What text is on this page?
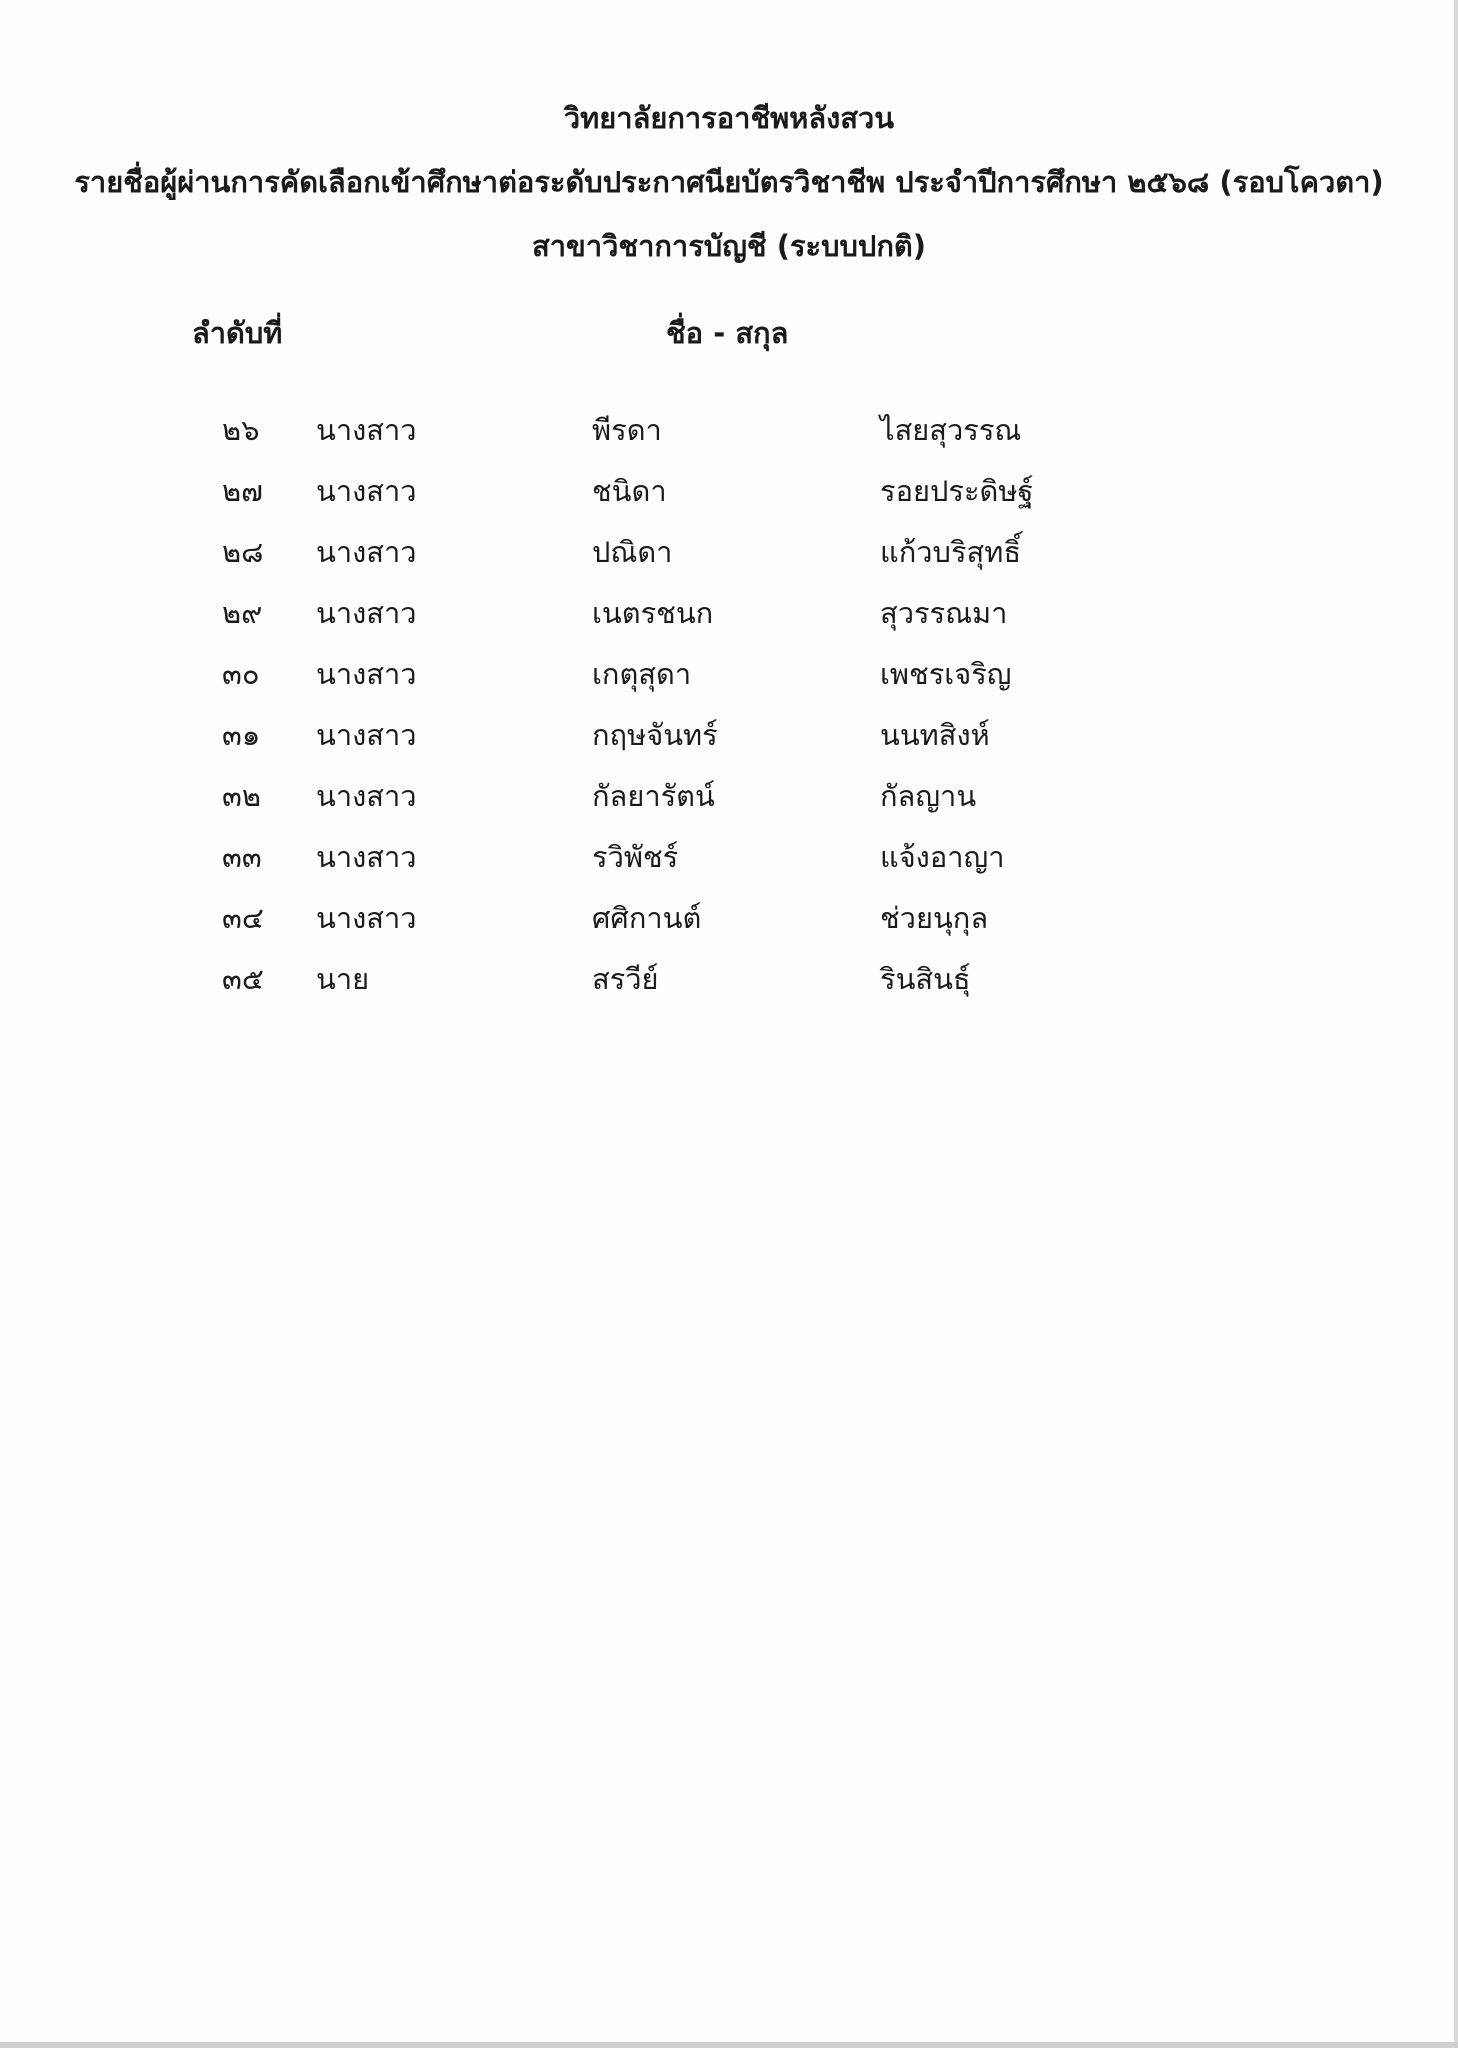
วิทยาลัยการอาชีพหลังสวน
รายชื่อผู้ผ่านการคัดเลือกเข้าศึกษาต่อระดับประกาศนียบัตรวิชาชีพ ประจำปีการศึกษา ๒๕๖๘ (รอบโควตา)
สาขาวิชาการบัญชี (ระบบปกติ)
ลำดับที่	ชื่อ - สกุล
๒๖ นางสาว	พีรดา	ไสยสุวรรณ
๒๗ นางสาว	ชนิดา	รอยประดิษฐ์
๒๘ นางสาว	ปณิดา	แก้วบริสุทธิ์
๒๙ นางสาว	เนตรชนก	สุวรรณมา
๓๐ นางสาว	เกตุสุดา	เพชรเจริญ
๓๑ นางสาว	กฤษจันทร์	นนทสิงห์
๓๒ นางสาว	กัลยารัตน์	กัลญาน
๓๓ นางสาว	รวิพัชร์	แจ้งอาญา
๓๔ นางสาว	ศศิกานต์	ช่วยนุกุล
๓๕ นาย	สรวีย์	รินสินธุ์
